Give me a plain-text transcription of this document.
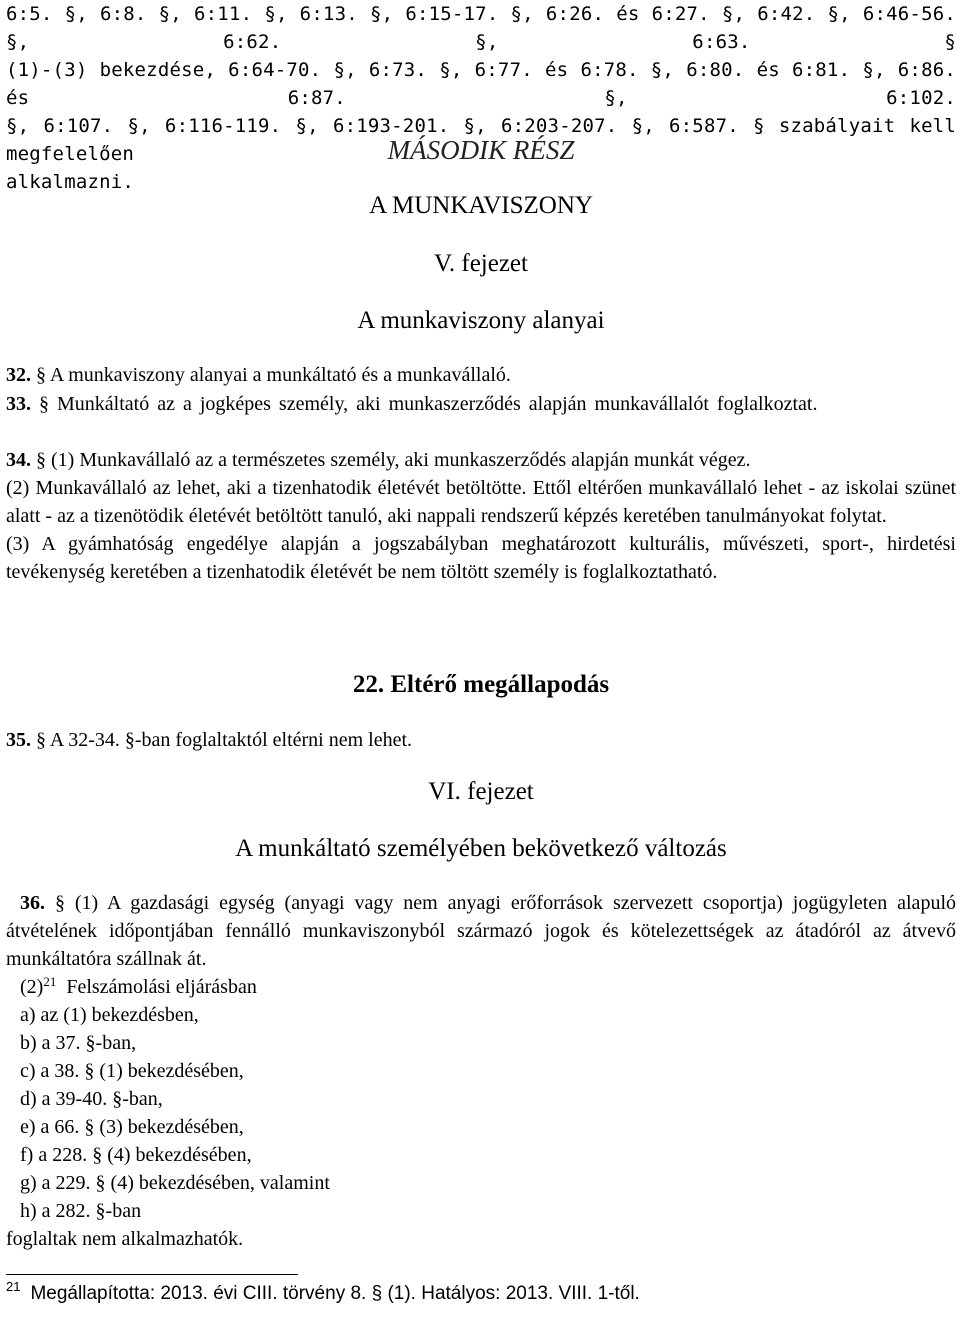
6:5. §, 6:8. §, 6:11. §, 6:13. §, 6:15-17. §, 6:26. és 6:27. §, 6:42. §, 6:46-56. §, 6:62. §, 6:63. §

(1)-(3) bekezdése, 6:64-70. §, 6:73. §, 6:77. és 6:78. §, 6:80. és 6:81. §, 6:86. és 6:87. §, 6:102.

§, 6:107. §, 6:116-119. §, 6:193-201. §, 6:203-207. §, 6:587. § szabályait kell megfelelően

alkalmazni.

MÁSODIK RÉSZ

A MUNKAVISZONY

V. fejezet

A munkaviszony alanyai

32. § A munkaviszony alanyai a munkáltató és a munkavállaló.

33. § Munkáltató az a jogképes személy, aki munkaszerződés alapján munkavállalót foglalkoztat.

34. § (1) Munkavállaló az a természetes személy, aki munkaszerződés alapján munkát végez.

(2) Munkavállaló az lehet, aki a tizenhatodik életévét betöltötte. Ettől eltérően munkavállaló lehet - az iskolai szünet alatt - az a tizenötödik életévét betöltött tanuló, aki nappali rendszerű képzés keretében tanulmányokat folytat.

(3) A gyámhatóság engedélye alapján a jogszabályban meghatározott kulturális, művészeti, sport-, hirdetési tevékenység keretében a tizenhatodik életévét be nem töltött személy is foglalkoztatható.

22. Eltérő megállapodás

35. § A 32-34. §-ban foglaltaktól eltérni nem lehet.

VI. fejezet

A munkáltató személyében bekövetkező változás

36. § (1) A gazdasági egység (anyagi vagy nem anyagi erőforrások szervezett csoportja) jogügyleten alapuló átvételének időpontjában fennálló munkaviszonyból származó jogok és kötelezettségek az átadóról az átvevő munkáltatóra szállnak át.

$(2)^{21}$ Felszámolási eljárásban

a) az (1) bekezdésben,

b) a 37. §-ban,

c) a 38. § (1) bekezdésében,

d) a 39-40. §-ban,

e) a 66. § (3) bekezdésében,

f) a 228. § (4) bekezdésében,

g) a 229. § (4) bekezdésében, valamint

h) a 282. §-ban

foglaltak nem alkalmazhatók.

$^{21}$ Megállapította: 2013. évi CIII. törvény 8. § (1). Hatályos: 2013. VIII. 1-től.
